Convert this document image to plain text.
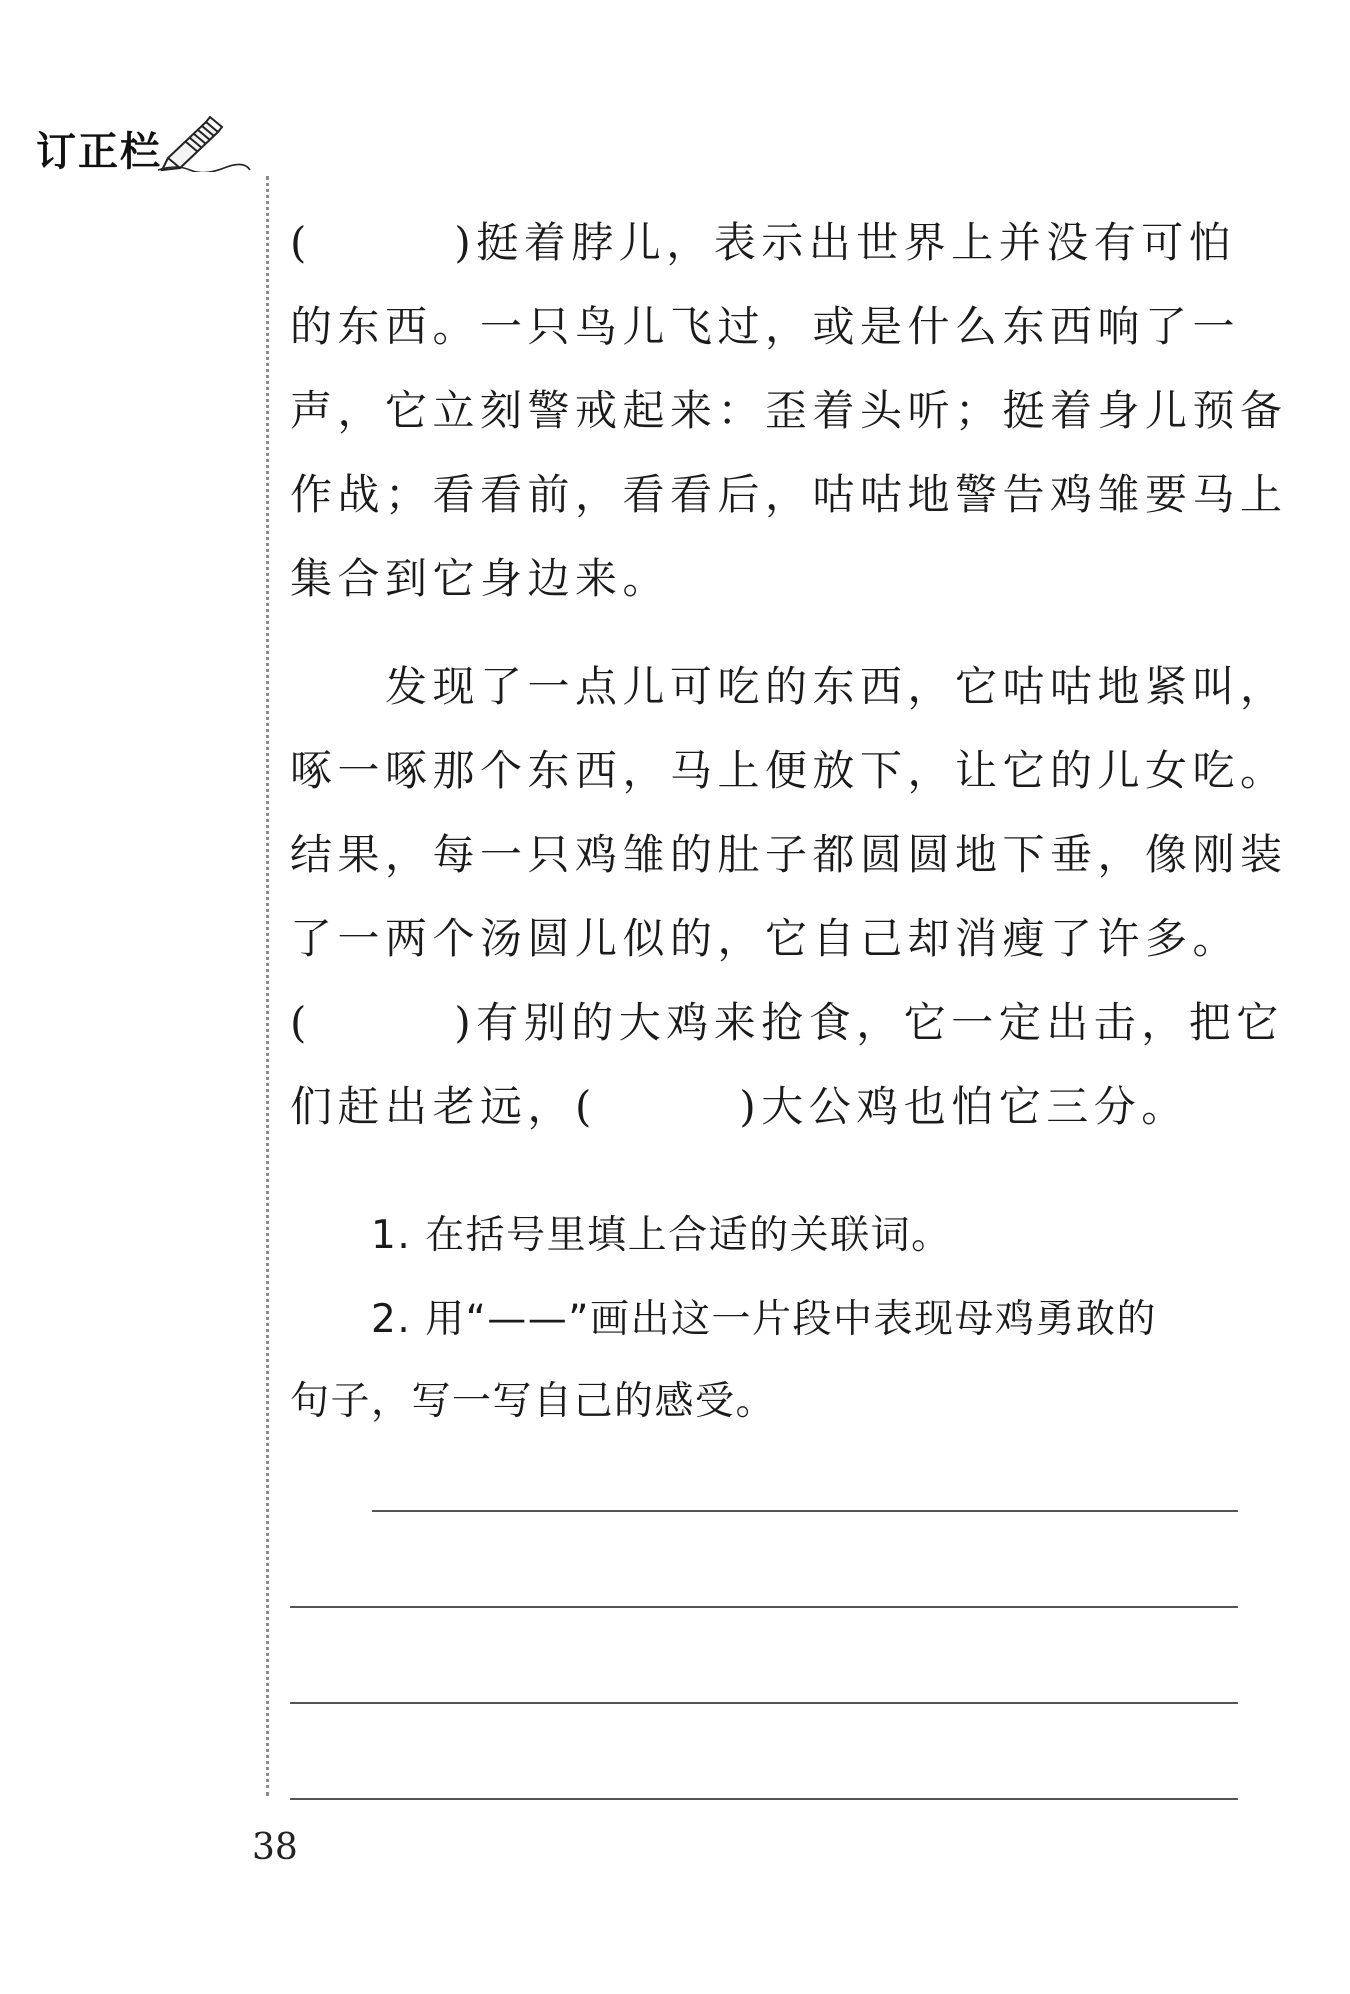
订正栏
(　　　)挺着脖儿，表示出世界上并没有可怕
的东西。一只鸟儿飞过，或是什么东西响了一
声，它立刻警戒起来：歪着头听；挺着身儿预备
作战；看看前，看看后，咕咕地警告鸡雏要马上
集合到它身边来。
　　发现了一点儿可吃的东西，它咕咕地紧叫，
啄一啄那个东西，马上便放下，让它的儿女吃。
结果，每一只鸡雏的肚子都圆圆地下垂，像刚装
了一两个汤圆儿似的，它自己却消瘦了许多。
(　　　)有别的大鸡来抢食，它一定出击，把它
们赶出老远，(　　　)大公鸡也怕它三分。
　　1. 在括号里填上合适的关联词。
　　2. 用“——”画出这一片段中表现母鸡勇敢的
句子，写一写自己的感受。
38
